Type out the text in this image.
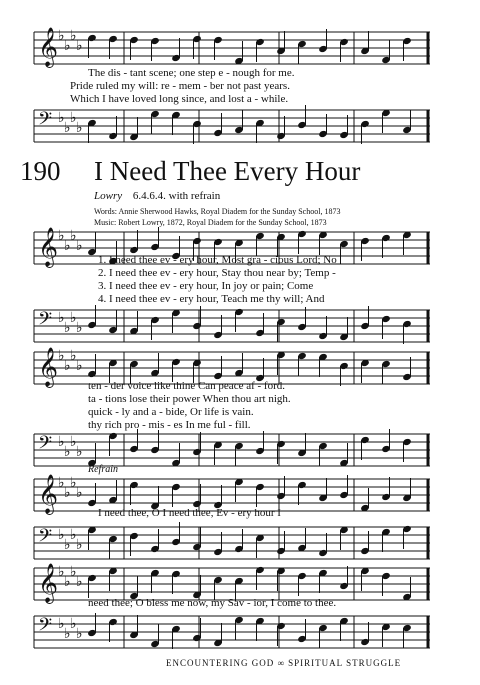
𝄞 ♭
♭
♭
♭
The dis - tant scene; one step e - nough for me.
Pride ruled my will: re - mem - ber not past years.
Which I have loved long since, and lost a - while.
𝄢 ♭
♭
♭
♭
190 I Need Thee Every Hour
Lowry 6.4.6.4. with refrain
Words: Annie Sherwood Hawks, Royal Diadem for the Sunday School, 1873
Music: Robert Lowry, 1872, Royal Diadem for the Sunday School, 1873
𝄞 ♭
♭
♭
♭
1. I need thee ev - ery hour, Most gra - cious Lord; No
2. I need thee ev - ery hour, Stay thou near by; Temp -
3. I need thee ev - ery hour, In joy or pain; Come
4. I need thee ev - ery hour, Teach me thy will; And
𝄢 ♭
♭
♭
♭
𝄞 ♭
♭
♭
♭
ten - der voice like thine Can peace af - ford.
ta - tions lose their power When thou art nigh.
quick - ly and a - bide, Or life is vain.
thy rich pro - mis - es In me ful - fill.
𝄢 ♭
♭
♭
♭
Refrain
𝄞 ♭
♭
♭
♭
I need thee, O I need thee, Ev - ery hour I
𝄢 ♭
♭
♭
♭
𝄞 ♭
♭
♭
♭
need thee; O bless me now, my Sav - ior, I come to thee.
𝄢 ♭
♭
♭
♭
ENCOUNTERING GOD ∞ SPIRITUAL STRUGGLE
